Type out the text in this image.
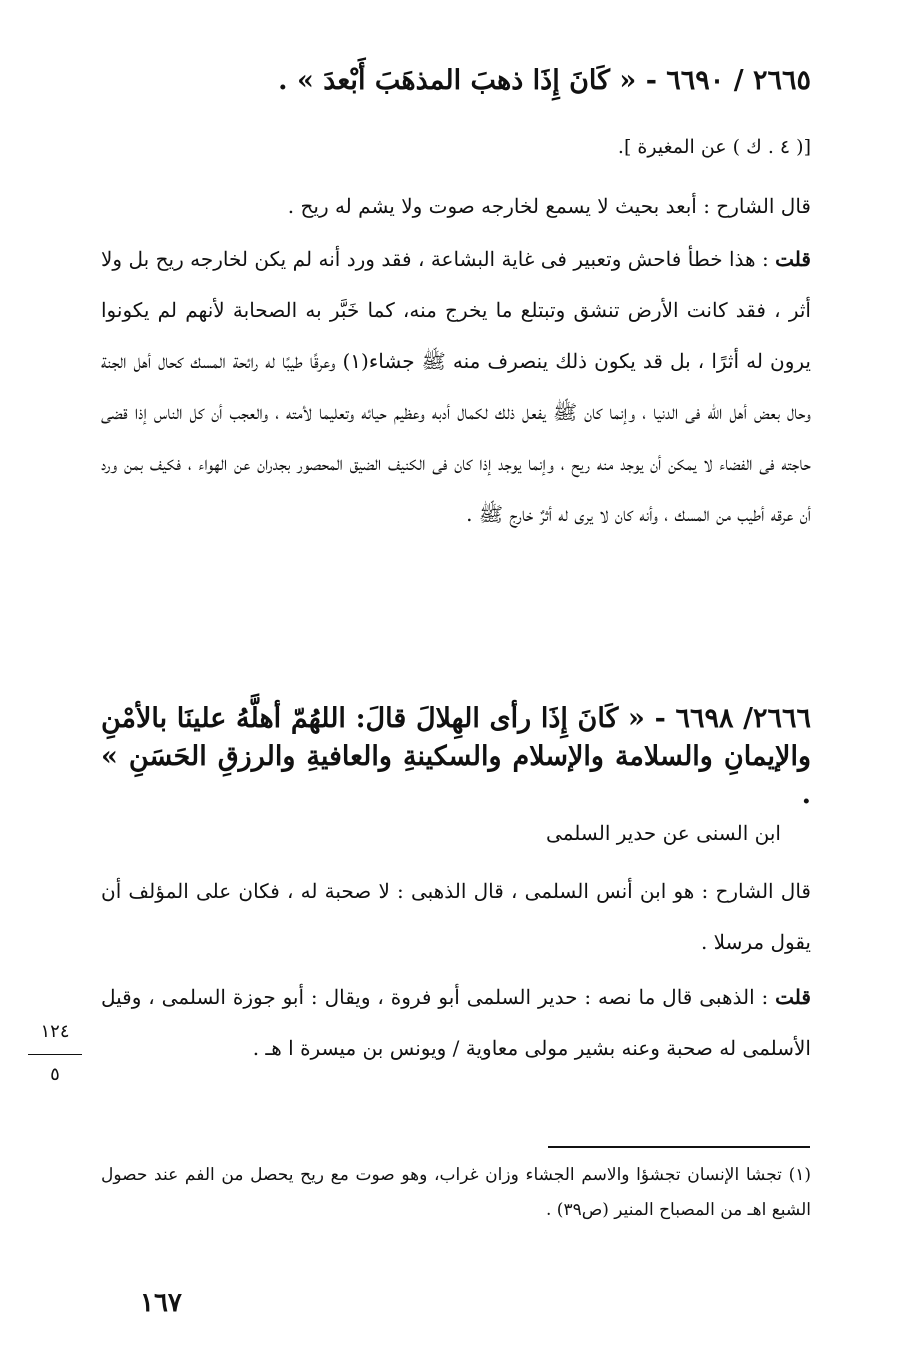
٢٦٦٥ / ٦٦٩٠ - « كَانَ إِذَا ذهبَ المذهَبَ أَبْعدَ » .

[( ٤ . ك ) عن المغيرة ].

قال الشارح : أبعد بحيث لا يسمع لخارجه صوت ولا يشم له ريح .

قلت : هذا خطأ فاحش وتعبير فى غاية البشاعة ، فقد ورد أنه لم يكن لخارجه ريح بل ولا أثر ، فقد كانت الأرض تنشق وتبتلع ما يخرج منه، كما خَبَّر به الصحابة لأنهم لم يكونوا يرون له أثرًا ، بل قد يكون ذلك ينصرف منه ﷺ جشاء(١) وعرقًا طيبًا له رائحة المسك كحال أهل الجنة وحال بعض أهل الله فى الدنيا ، وإنما كان ﷺ يفعل ذلك لكمال أدبه وعظيم حيائه وتعليما لأمته ، والعجب أن كل الناس إذا قضى حاجته فى الفضاء لا يمكن أن يوجد منه ريح ، وإنما يوجد إذا كان فى الكنيف الضيق المحصور بجدران عن الهواء ، فكيف بمن ورد أن عرقه أطيب من المسك ، وأنه كان لا يرى له أثرٌ خارج ﷺ .

٢٦٦٦/ ٦٦٩٨ - « كَانَ إِذَا رأى الهِلالَ قالَ: اللهُمّ أهلَّهُ علينَا بالأمْنِ والإيمانِ والسلامة والإسلام والسكينةِ والعافيةِ والرزقِ الحَسَنِ » .

ابن السنى عن حدير السلمى

قال الشارح : هو ابن أنس السلمى ، قال الذهبى : لا صحبة له ، فكان على المؤلف أن يقول مرسلا .

قلت : الذهبى قال ما نصه : حدير السلمى أبو فروة ، ويقال : أبو جوزة السلمى ، وقيل الأسلمى له صحبة وعنه بشير مولى معاوية / ويونس بن ميسرة ا هـ .

١٢٤
٥

(١) تجشا الإنسان تجشؤا والاسم الجشاء وزان غراب، وهو صوت مع ريح يحصل من الفم عند حصول الشبع اهـ من المصباح المنير (ص٣٩) .

١٦٧
